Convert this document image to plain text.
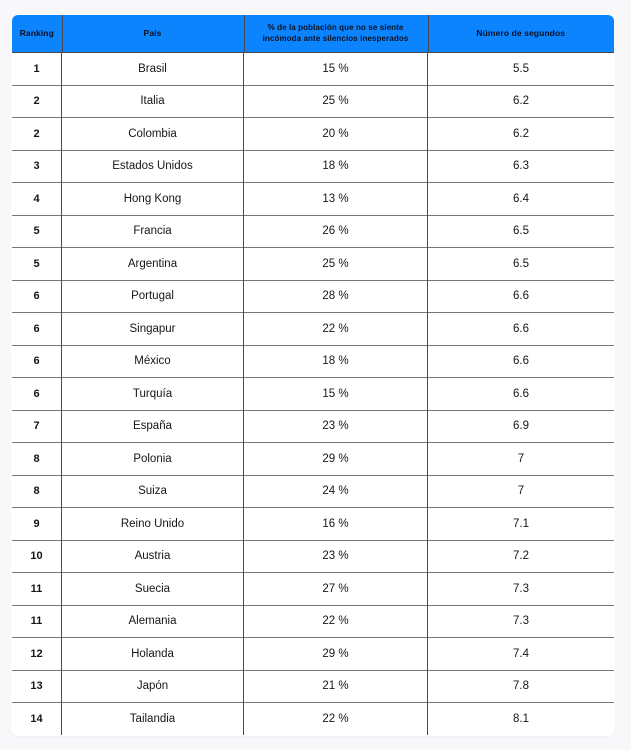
Ranking	País	% de la población que no se siente incómoda ante silencios inesperados	Número de segundos
1	Brasil	15 %	5.5
2	Italia	25 %	6.2
2	Colombia	20 %	6.2
3	Estados Unidos	18 %	6.3
4	Hong Kong	13 %	6.4
5	Francia	26 %	6.5
5	Argentina	25 %	6.5
6	Portugal	28 %	6.6
6	Singapur	22 %	6.6
6	México	18 %	6.6
6	Turquía	15 %	6.6
7	España	23 %	6.9
8	Polonia	29 %	7
8	Suiza	24 %	7
9	Reino Unido	16 %	7.1
10	Austria	23 %	7.2
11	Suecia	27 %	7.3
11	Alemania	22 %	7.3
12	Holanda	29 %	7.4
13	Japón	21 %	7.8
14	Tailandia	22 %	8.1
